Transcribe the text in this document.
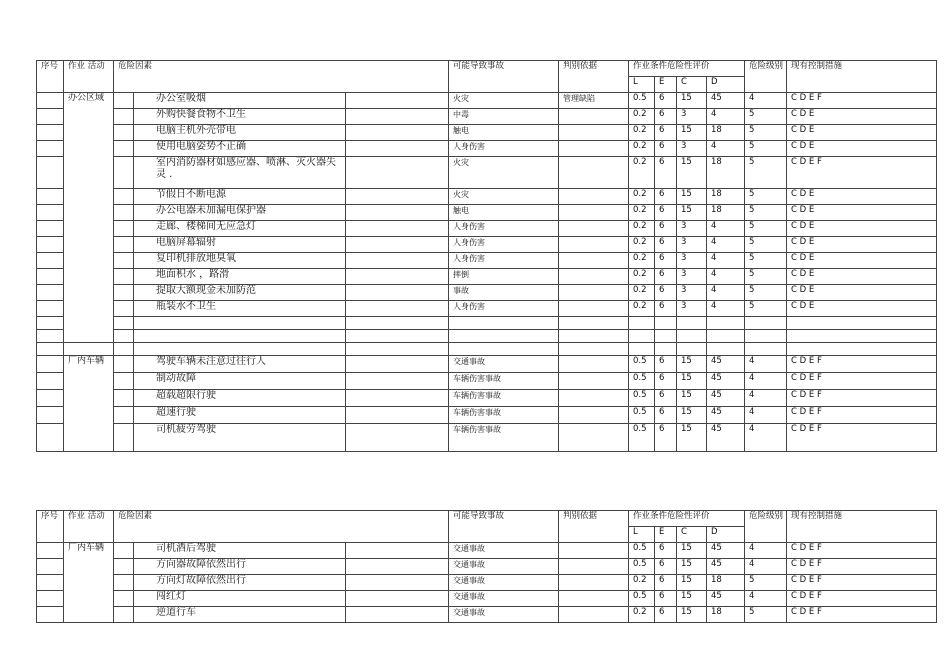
序号	作业 活动	危险因素			可能导致事故	判别依据	作业条件危险性评价				危险级别	现有控制措施
							L	E	C	D		
	办公区域		办公室吸烟		火灾	管理缺陷	0.5	6	15	45	4	C D E F
			外购快餐食物不卫生		中毒		0.2	6	3	4	5	C D E
			电脑主机外壳带电		触电		0.2	6	15	18	5	C D E
			使用电脑姿势不正确		人身伤害		0.2	6	3	4	5	C D E
			室内消防器材如感应器、喷淋、灭火器失灵 .		火灾		0.2	6	15	18	5	C D E F
			节假日不断电源		火灾		0.2	6	15	18	5	C D E
			办公电器未加漏电保护器		触电		0.2	6	15	18	5	C D E
			走廊、楼梯间无应急灯		人身伤害		0.2	6	3	4	5	C D E
			电脑屏幕辐射		人身伤害		0.2	6	3	4	5	C D E
			复印机排放地臭氧		人身伤害		0.2	6	3	4	5	C D E
			地面积水 ，路滑		摔倒		0.2	6	3	4	5	C D E
			提取大额现金未加防范		事故		0.2	6	3	4	5	C D E
			瓶装水不卫生		人身伤害		0.2	6	3	4	5	C D E

	厂内车辆		驾驶车辆未注意过往行人		交通事故		0.5	6	15	45	4	C D E F
			制动故障		车辆伤害事故		0.5	6	15	45	4	C D E F
			超载超限行驶		车辆伤害事故		0.5	6	15	45	4	C D E F
			超速行驶		车辆伤害事故		0.5	6	15	45	4	C D E F
			司机疲劳驾驶		车辆伤害事故		0.5	6	15	45	4	C D E F
序号	作业 活动	危险因素			可能导致事故	判别依据	作业条件危险性评价				危险级别	现有控制措施
							L	E	C	D		
	厂内车辆		司机酒后驾驶		交通事故		0.5	6	15	45	4	C D E F
			方向器故障依然出行		交通事故		0.5	6	15	45	4	C D E F
			方向灯故障依然出行		交通事故		0.2	6	15	18	5	C D E F
			闯红灯		交通事故		0.5	6	15	45	4	C D E F
			逆道行车		交通事故		0.2	6	15	18	5	C D E F
